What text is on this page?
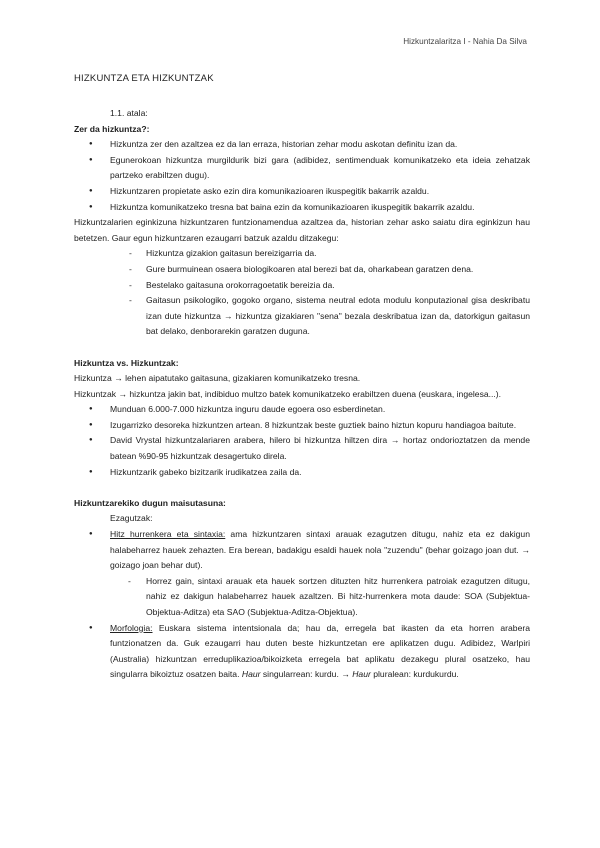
Hizkuntzalaritza I - Nahia Da Silva
HIZKUNTZA ETA HIZKUNTZAK
1.1. atala:
Zer da hizkuntza?:
● Hizkuntza zer den azaltzea ez da lan erraza, historian zehar modu askotan definitu izan da.
● Egunerokoan hizkuntza murgildurik bizi gara (adibidez, sentimenduak komunikatzeko eta ideia zehatzak partzeko erabiltzen dugu).
● Hizkuntzaren propietate asko ezin dira komunikazioaren ikuspegitik bakarrik azaldu.
● Hizkuntza komunikatzeko tresna bat baina ezin da komunikazioaren ikuspegitik bakarrik azaldu.
Hizkuntzalarien eginkizuna hizkuntzaren funtzionamendua azaltzea da, historian zehar asko saiatu dira eginkizun hau betetzen. Gaur egun hizkuntzaren ezaugarri batzuk azaldu ditzakegu:
- Hizkuntza gizakion gaitasun bereizigarria da.
- Gure burmuinean osaera biologikoaren atal berezi bat da, oharkabean garatzen dena.
- Bestelako gaitasuna orokorragoetatik bereizia da.
- Gaitasun psikologiko, gogoko organo, sistema neutral edota modulu konputazional gisa deskribatu izan dute hizkuntza → hizkuntza gizakiaren "sena" bezala deskribatua izan da, datorkigun gaitasun bat delako, denborarekin garatzen duguna.
Hizkuntza vs. Hizkuntzak:
Hizkuntza → lehen aipatutako gaitasuna, gizakiaren komunikatzeko tresna.
Hizkuntzak → hizkuntza jakin bat, indibiduo multzo batek komunikatzeko erabiltzen duena (euskara, ingelesa...).
● Munduan 6.000-7.000 hizkuntza inguru daude egoera oso esberdinetan.
● Izugarrizko desoreka hizkuntzen artean. 8 hizkuntzak beste guztiek baino hiztun kopuru handiagoa baitute.
● David Vrystal hizkuntzalariaren arabera, hilero bi hizkuntza hiltzen dira → hortaz ondorioztatzen da mende batean %90-95 hizkuntzak desagertuko direla.
● Hizkuntzarik gabeko bizitzarik irudikatzea zaila da.
Hizkuntzarekiko dugun maisutasuna:
Ezagutzak:
● Hitz hurrenkera eta sintaxia: ama hizkuntzaren sintaxi arauak ezagutzen ditugu, nahiz eta ez dakigun halabeharrez hauek zehazten. Era berean, badakigu esaldi hauek nola "zuzendu" (behar goizago joan dut. → goizago joan behar dut).
- Horrez gain, sintaxi arauak eta hauek sortzen dituzten hitz hurrenkera patroiak ezagutzen ditugu, nahiz ez dakigun halabeharrez hauek azaltzen. Bi hitz-hurrenkera mota daude: SOA (Subjektua-Objektua-Aditza) eta SAO (Subjektua-Aditza-Objektua).
● Morfologia: Euskara sistema intentsionala da; hau da, erregela bat ikasten da eta horren arabera funtzionatzen da. Guk ezaugarri hau duten beste hizkuntzetan ere aplikatzen dugu. Adibidez, Warlpiri (Australia) hizkuntzan erreduplikazioa/bikoizketa erregela bat aplikatu dezakegu plural osatzeko, hau singularra bikoiztuz osatzen baita. Haur singularrean: kurdu. → Haur pluralean: kurdukurdu.
